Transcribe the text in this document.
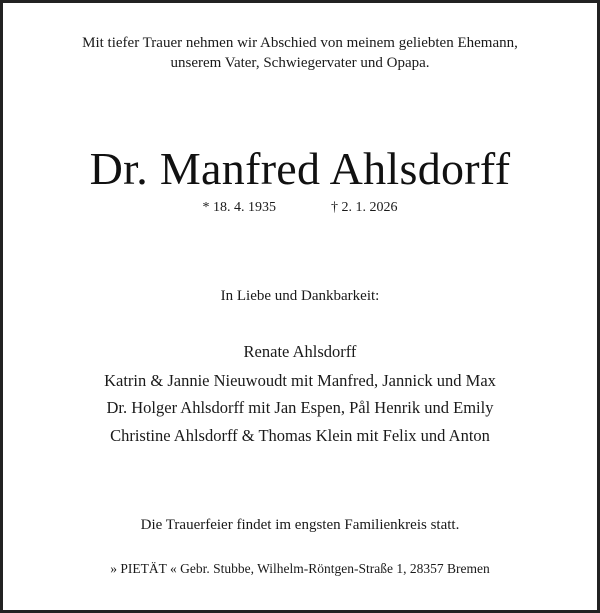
Mit tiefer Trauer nehmen wir Abschied von meinem geliebten Ehemann,
unserem Vater, Schwiegervater und Opapa.
Dr. Manfred Ahlsdorff
* 18. 4. 1935	† 2. 1. 2026
In Liebe und Dankbarkeit:
Renate Ahlsdorff
Katrin & Jannie Nieuwoudt mit Manfred, Jannick und Max
Dr. Holger Ahlsdorff mit Jan Espen, Pål Henrik und Emily
Christine Ahlsdorff & Thomas Klein mit Felix und Anton
Die Trauerfeier findet im engsten Familienkreis statt.
» PIETÄT « Gebr. Stubbe, Wilhelm-Röntgen-Straße 1, 28357 Bremen
